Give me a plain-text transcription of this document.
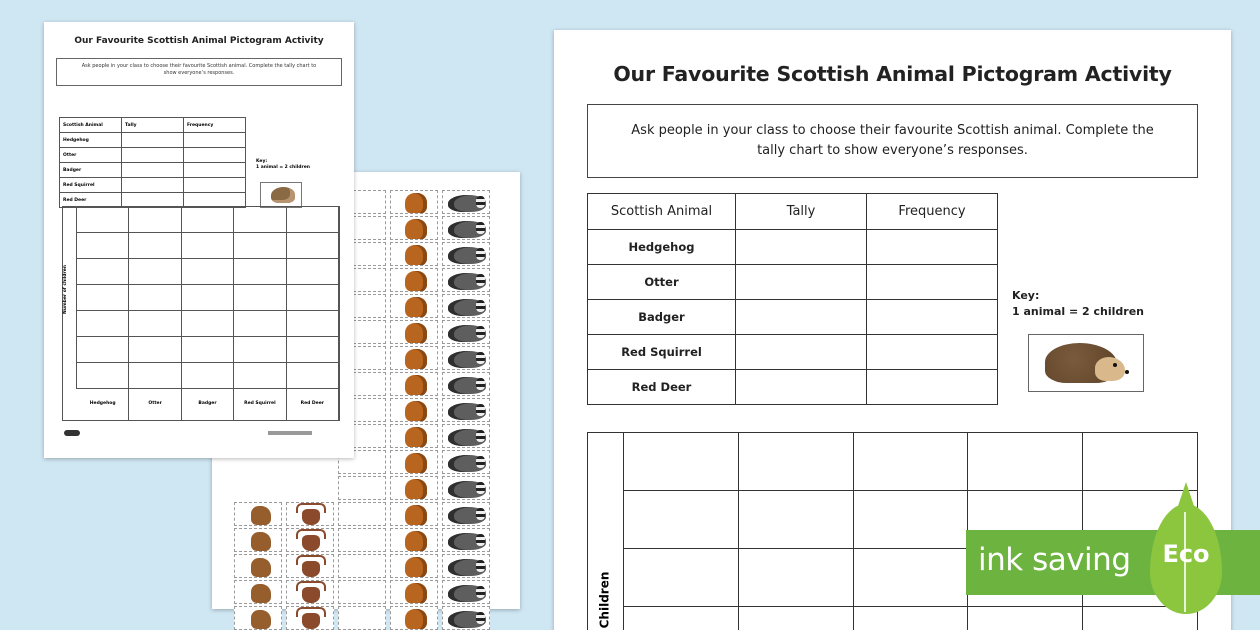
Our Favourite Scottish Animal Pictogram Activity
Ask people in your class to choose their favourite Scottish animal. Complete the tally chart to show everyone’s responses.
Scottish Animal	Tally	Frequency
Hedgehog		
Otter		
Badger		
Red Squirrel		
Red Deer		
Key:
1 animal = 2 children
Number of children
Hedgehog	Otter	Badger	Red Squirrel	Red Deer
Our Favourite Scottish Animal Pictogram Activity
Ask people in your class to choose their favourite Scottish animal. Complete the tally chart to show everyone’s responses.
Scottish Animal	Tally	Frequency
Hedgehog		
Otter		
Badger		
Red Squirrel		
Red Deer		
Key:
1 animal = 2 children
Children
ink saving	Eco
